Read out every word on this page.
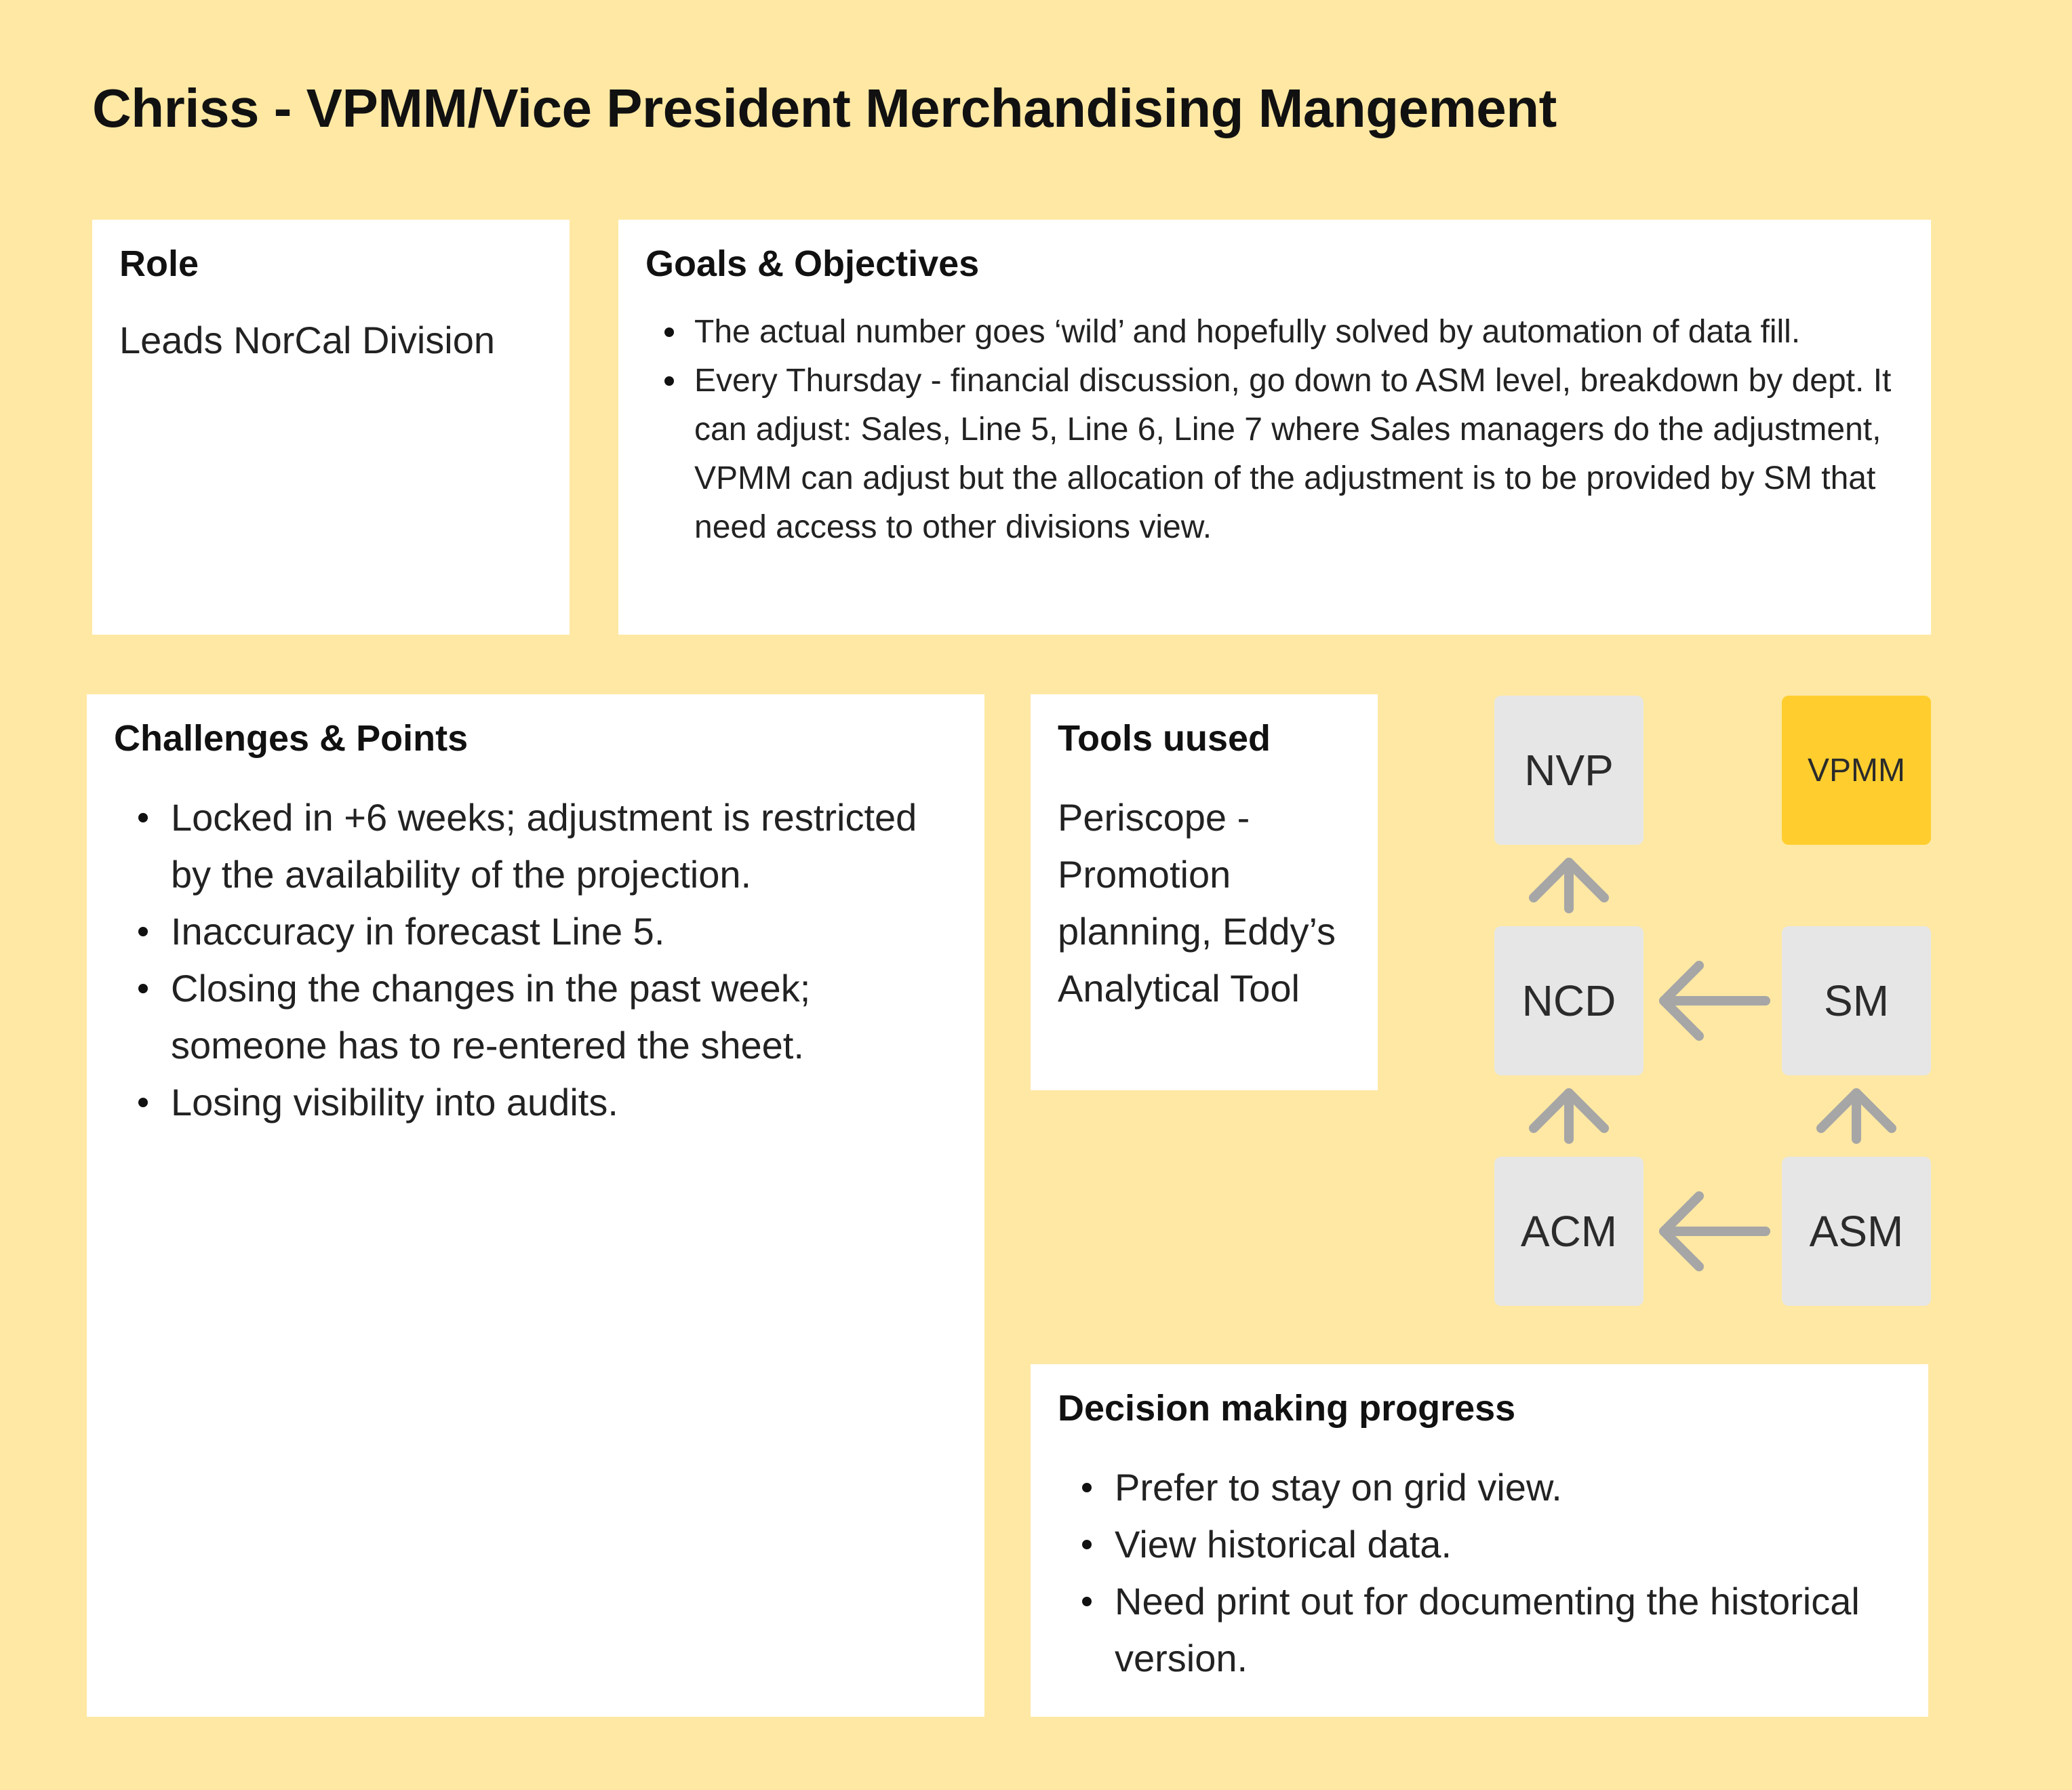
Chriss - VPMM/Vice President Merchandising Mangement
Role

Leads NorCal Division

Goals & Objectives
The actual number goes ‘wild’ and hopefully solved by automation of data fill.
Every Thursday - financial discussion, go down to ASM level, breakdown by dept. It can adjust: Sales, Line 5, Line 6, Line 7 where Sales managers do the adjustment, VPMM can adjust but the allocation of the adjustment is to be provided by SM that need access to other divisions view.
Challenges & Points
Locked in +6 weeks; adjustment is restricted by the availability of the projection.
Inaccuracy in forecast Line 5.
Closing the changes in the past week; someone has to re-entered the sheet.
Losing visibility into audits.
Tools uused

Periscope - Promotion planning, Eddy’s Analytical Tool

NVP	VPMM
NCD	SM
ACM	ASM
Decision making progress
Prefer to stay on grid view.
View historical data.
Need print out for documenting the historical version.
